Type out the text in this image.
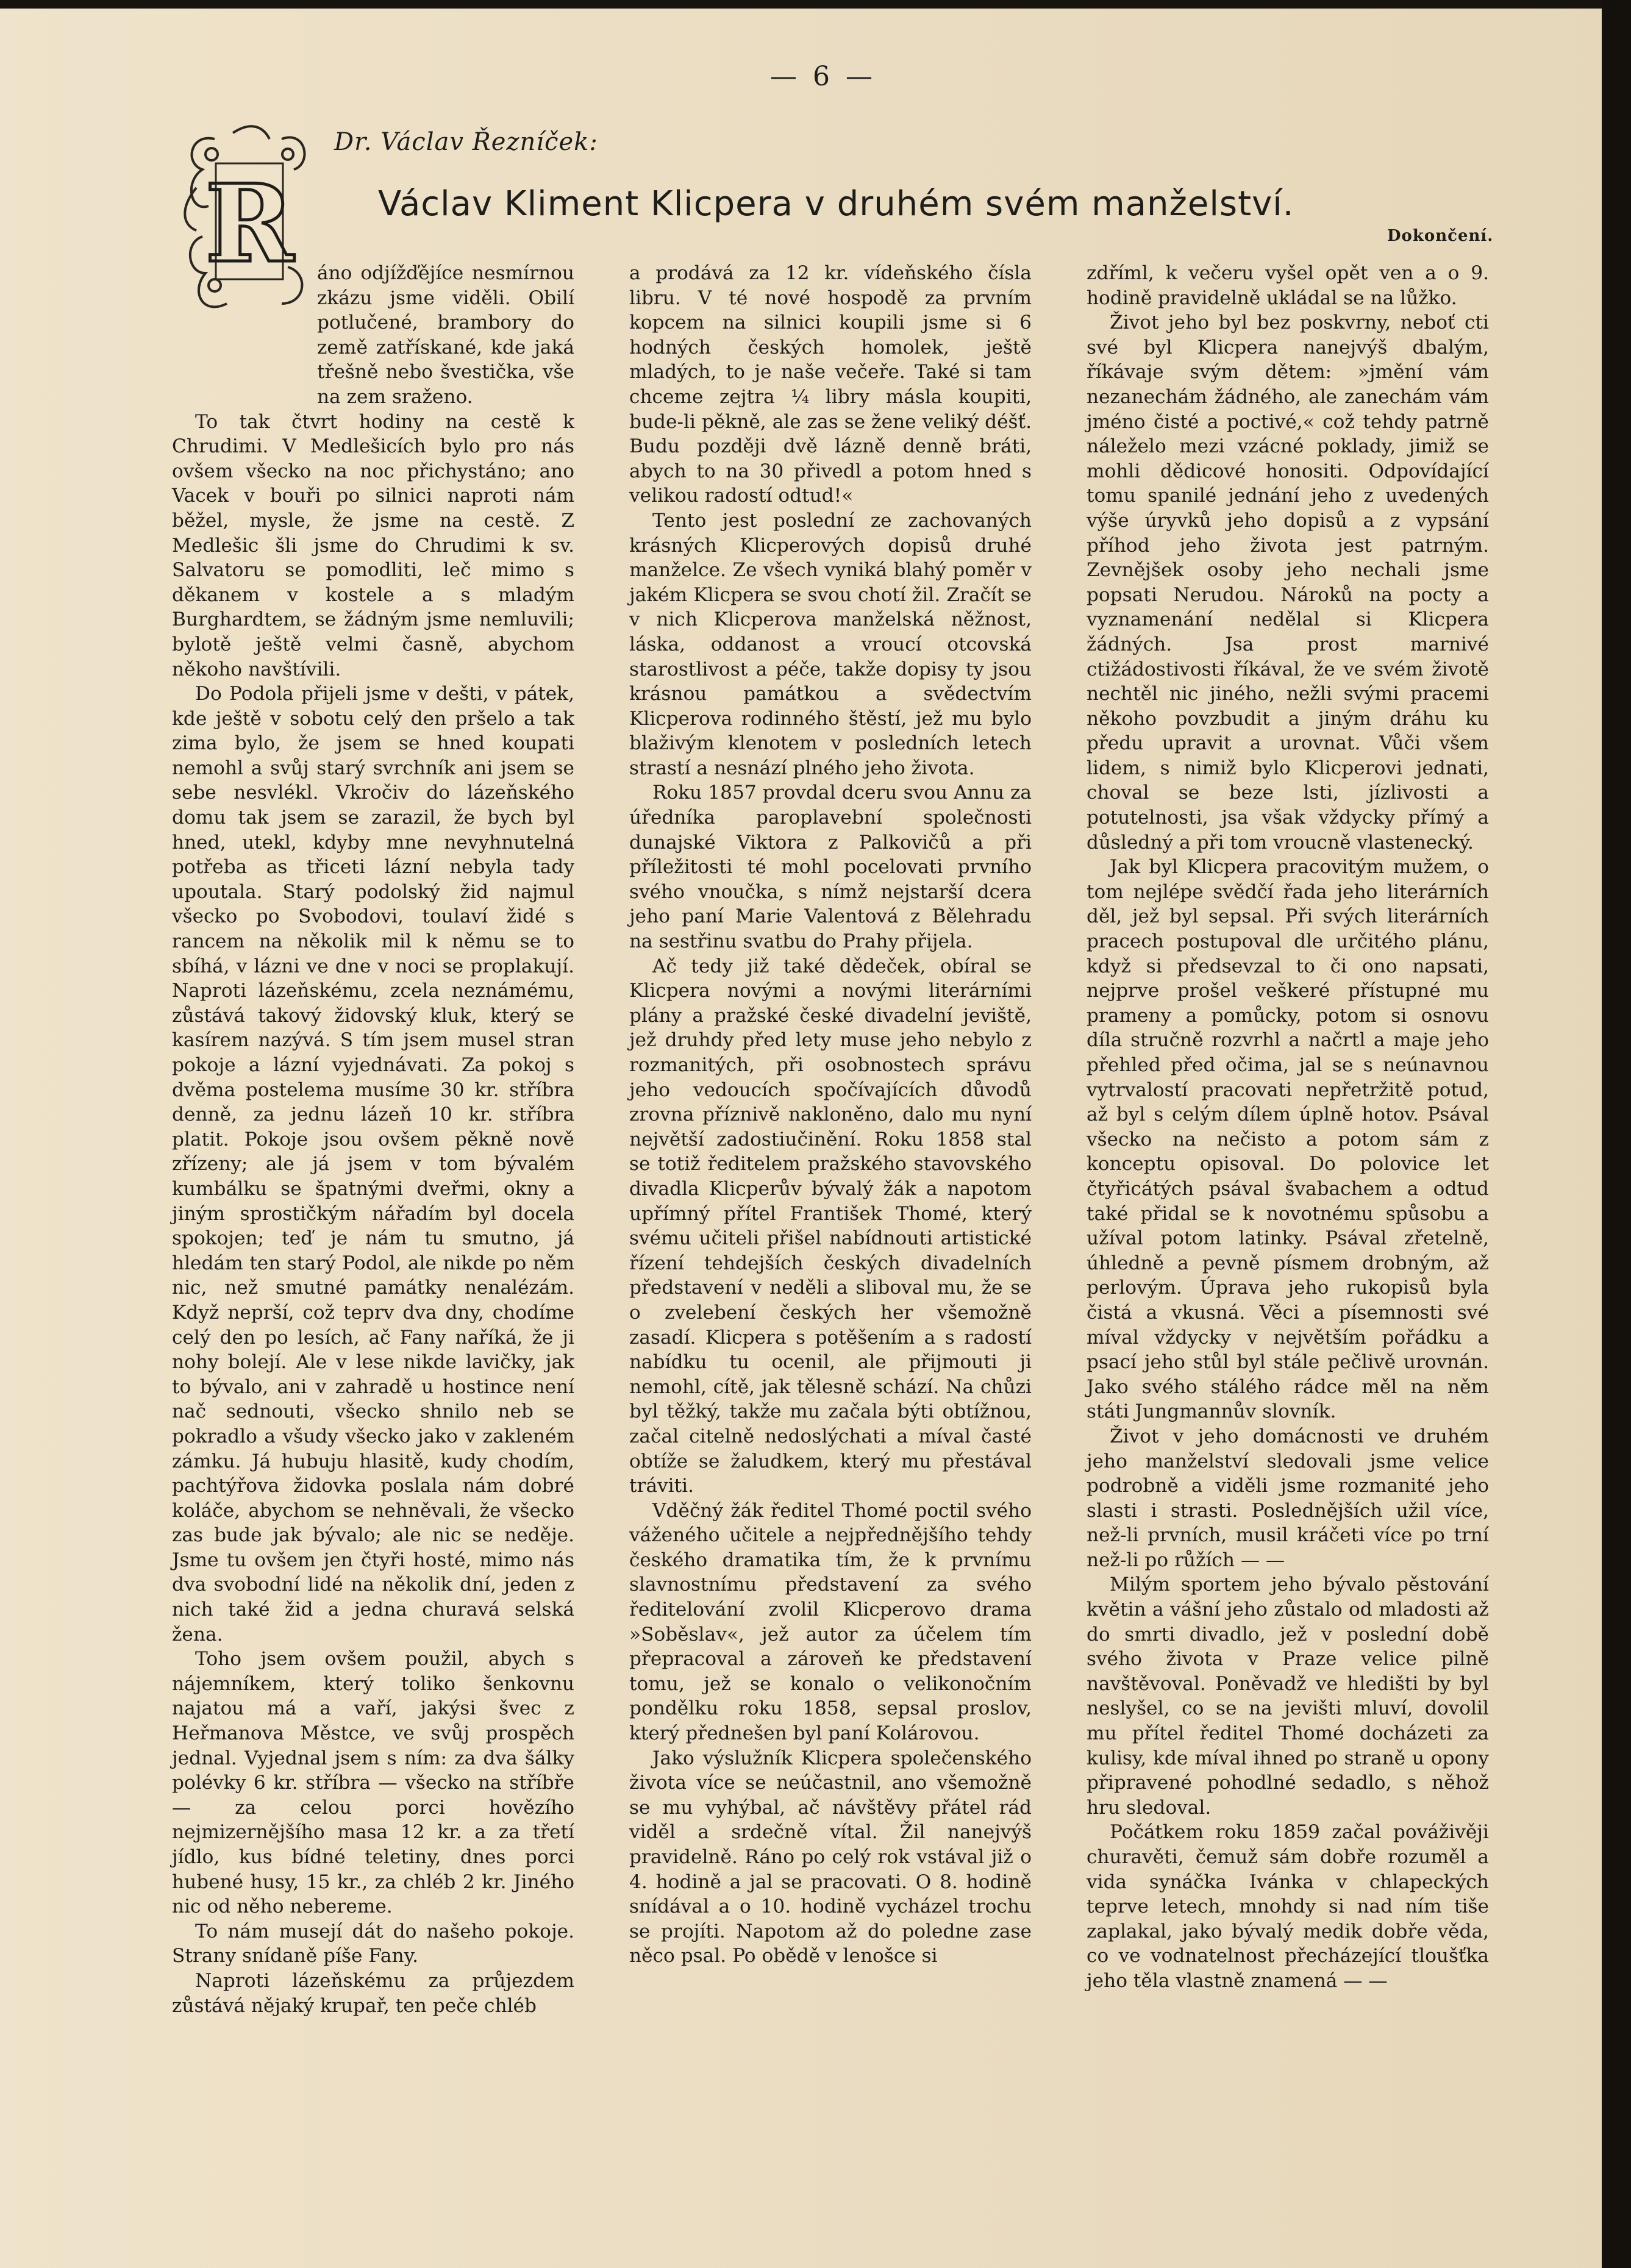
— 6 —
Dr. Václav Řezníček:
Václav Kliment Klicpera v druhém svém manželství.
Dokončení.
R	áno odjížďějíce nesmírnou zkázu jsme viděli. Obilí potlučené, brambory do země zatřískané, kde jaká třešně nebo švestička, vše na zem sraženo.

To tak čtvrt hodiny na cestě k Chrudimi. V Medlešicích bylo pro nás ovšem všecko na noc přichystáno; ano Vacek v bouři po silnici naproti nám běžel, mysle, že jsme na cestě. Z Medlešic šli jsme do Chrudimi k sv. Salvatoru se pomodliti, leč mimo s děkanem v kostele a s mladým Burghardtem, se žádným jsme nemluvili; bylotě ještě velmi časně, abychom někoho navštívili.

Do Podola přijeli jsme v dešti, v pátek, kde ještě v sobotu celý den pršelo a tak zima bylo, že jsem se hned koupati nemohl a svůj starý svrchník ani jsem se sebe nesvlékl. Vkročiv do lázeňského domu tak jsem se zarazil, že bych byl hned, utekl, kdyby mne nevyhnutelná potřeba as třiceti lázní nebyla tady upoutala. Starý podolský žid najmul všecko po Svobodovi, toulaví židé s rancem na několik mil k němu se to sbíhá, v lázni ve dne v noci se proplakují. Naproti lázeňskému, zcela neznámému, zůstává takový židovský kluk, který se kasírem nazývá. S tím jsem musel stran pokoje a lázní vyjednávati. Za pokoj s dvěma postelema musíme 30 kr. stříbra denně, za jednu lázeň 10 kr. stříbra platit. Pokoje jsou ovšem pěkně nově zřízeny; ale já jsem v tom bývalém kumbálku se špatnými dveřmi, okny a jiným sprostičkým nářadím byl docela spokojen; teď je nám tu smutno, já hledám ten starý Podol, ale nikde po něm nic, než smutné památky nenalézám. Když neprší, což teprv dva dny, chodíme celý den po lesích, ač Fany naříká, že ji nohy bolejí. Ale v lese nikde lavičky, jak to bývalo, ani v zahradě u hostince není nač sednouti, všecko shnilo neb se pokradlo a všudy všecko jako v zakleném zámku. Já hubuju hlasitě, kudy chodím, pachtýřova židovka poslala nám dobré koláče, abychom se nehněvali, že všecko zas bude jak bývalo; ale nic se neděje. Jsme tu ovšem jen čtyři hosté, mimo nás dva svobodní lidé na několik dní, jeden z nich také žid a jedna churavá selská žena.

Toho jsem ovšem použil, abych s nájemníkem, který toliko šenkovnu najatou má a vaří, jakýsi švec z Heřmanova Městce, ve svůj prospěch jednal. Vyjednal jsem s ním: za dva šálky polévky 6 kr. stříbra — všecko na stříbře — za celou porci hovězího nejmizernějšího masa 12 kr. a za třetí jídlo, kus bídné teletiny, dnes porci hubené husy, 15 kr., za chléb 2 kr. Jiného nic od něho nebereme.

To nám musejí dát do našeho pokoje. Strany snídaně píše Fany.

Naproti lázeňskému za průjezdem zůstává nějaký krupař, ten peče chléb

a prodává za 12 kr. vídeňského čísla libru. V té nové hospodě za prvním kopcem na silnici koupili jsme si 6 hodných českých homolek, ještě mladých, to je naše večeře. Také si tam chceme zejtra ¼ libry másla koupiti, bude-li pěkně, ale zas se žene veliký déšť. Budu později dvě lázně denně bráti, abych to na 30 přivedl a potom hned s velikou radostí odtud!«

Tento jest poslední ze zachovaných krásných Klicperových dopisů druhé manželce. Ze všech vyniká blahý poměr v jakém Klicpera se svou chotí žil. Zračít se v nich Klicperova manželská něžnost, láska, oddanost a vroucí otcovská starostlivost a péče, takže dopisy ty jsou krásnou památkou a svědectvím Klicperova rodinného štěstí, jež mu bylo blaživým klenotem v posledních letech strastí a nesnází plného jeho života.

Roku 1857 provdal dceru svou Annu za úředníka paroplavební společnosti dunajské Viktora z Palkovičů a při příležitosti té mohl pocelovati prvního svého vnoučka, s nímž nejstarší dcera jeho paní Marie Valentová z Bělehradu na sestřinu svatbu do Prahy přijela.

Ač tedy již také dědeček, obíral se Klicpera novými a novými literárními plány a pražské české divadelní jeviště, jež druhdy před lety muse jeho nebylo z rozmanitých, při osobnostech správu jeho vedoucích spočívajících důvodů zrovna příznivě nakloněno, dalo mu nyní největší zadostiučinění. Roku 1858 stal se totiž ředitelem pražského stavovského divadla Klicperův bývalý žák a napotom upřímný přítel František Thomé, který svému učiteli přišel nabídnouti artistické řízení tehdejších českých divadelních představení v neděli a sliboval mu, že se o zvelebení českých her všemožně zasadí. Klicpera s potěšením a s radostí nabídku tu ocenil, ale přijmouti ji nemohl, cítě, jak tělesně schází. Na chůzi byl těžký, takže mu začala býti obtížnou, začal citelně nedoslýchati a míval časté obtíže se žaludkem, který mu přestával tráviti.

Vděčný žák ředitel Thomé poctil svého váženého učitele a nejpřednějšího tehdy českého dramatika tím, že k prvnímu slavnostnímu představení za svého ředitelování zvolil Klicperovo drama »Soběslav«, jež autor za účelem tím přepracoval a zároveň ke představení tomu, jež se konalo o velikonočním pondělku roku 1858, sepsal proslov, který přednešen byl paní Kolárovou.

Jako výslužník Klicpera společenského života více se neúčastnil, ano všemožně se mu vyhýbal, ač návštěvy přátel rád viděl a srdečně vítal. Žil nanejvýš pravidelně. Ráno po celý rok vstával již o 4. hodině a jal se pracovati. O 8. hodině snídával a o 10. hodině vycházel trochu se projíti. Napotom až do poledne zase něco psal. Po obědě v lenošce si

zdříml, k večeru vyšel opět ven a o 9. hodině pravidelně ukládal se na lůžko.

Život jeho byl bez poskvrny, neboť cti své byl Klicpera nanejvýš dbalým, říkávaje svým dětem: »jmění vám nezanechám žádného, ale zanechám vám jméno čisté a poctivé,« což tehdy patrně náleželo mezi vzácné poklady, jimiž se mohli dědicové honositi. Odpovídající tomu spanilé jednání jeho z uvedených výše úryvků jeho dopisů a z vypsání příhod jeho života jest patrným. Zevnějšek osoby jeho nechali jsme popsati Nerudou. Nároků na pocty a vyznamenání nedělal si Klicpera žádných. Jsa prost marnivé ctižádostivosti říkával, že ve svém životě nechtěl nic jiného, nežli svými pracemi někoho povzbudit a jiným dráhu ku předu upravit a urovnat. Vůči všem lidem, s nimiž bylo Klicperovi jednati, choval se beze lsti, jízlivosti a potutelnosti, jsa však vždycky přímý a důsledný a při tom vroucně vlastenecký.

Jak byl Klicpera pracovitým mužem, o tom nejlépe svědčí řada jeho literárních děl, jež byl sepsal. Při svých literárních pracech postupoval dle určitého plánu, když si předsevzal to či ono napsati, nejprve prošel veškeré přístupné mu prameny a pomůcky, potom si osnovu díla stručně rozvrhl a načrtl a maje jeho přehled před očima, jal se s neúnavnou vytrvalostí pracovati nepřetržitě potud, až byl s celým dílem úplně hotov. Psával všecko na nečisto a potom sám z konceptu opisoval. Do polovice let čtyřicátých psával švabachem a odtud také přidal se k novotnému spůsobu a užíval potom latinky. Psával zřetelně, úhledně a pevně písmem drobným, až perlovým. Úprava jeho rukopisů byla čistá a vkusná. Věci a písemnosti své míval vždycky v největším pořádku a psací jeho stůl byl stále pečlivě urovnán. Jako svého stálého rádce měl na něm státi Jungmannův slovník.

Život v jeho domácnosti ve druhém jeho manželství sledovali jsme velice podrobně a viděli jsme rozmanité jeho slasti i strasti. Poslednějších užil více, než-li prvních, musil kráčeti více po trní než-li po růžích — —

Milým sportem jeho bývalo pěstování květin a vášní jeho zůstalo od mladosti až do smrti divadlo, jež v poslední době svého života v Praze velice pilně navštěvoval. Poněvadž ve hledišti by byl neslyšel, co se na jevišti mluví, dovolil mu přítel ředitel Thomé docházeti za kulisy, kde míval ihned po straně u opony připravené pohodlné sedadlo, s něhož hru sledoval.

Počátkem roku 1859 začal pováživěji churavěti, čemuž sám dobře rozuměl a vida synáčka Ivánka v chlapeckých teprve letech, mnohdy si nad ním tiše zaplakal, jako bývalý medik dobře věda, co ve vodnatelnost přecházející tloušťka jeho těla vlastně znamená — —
